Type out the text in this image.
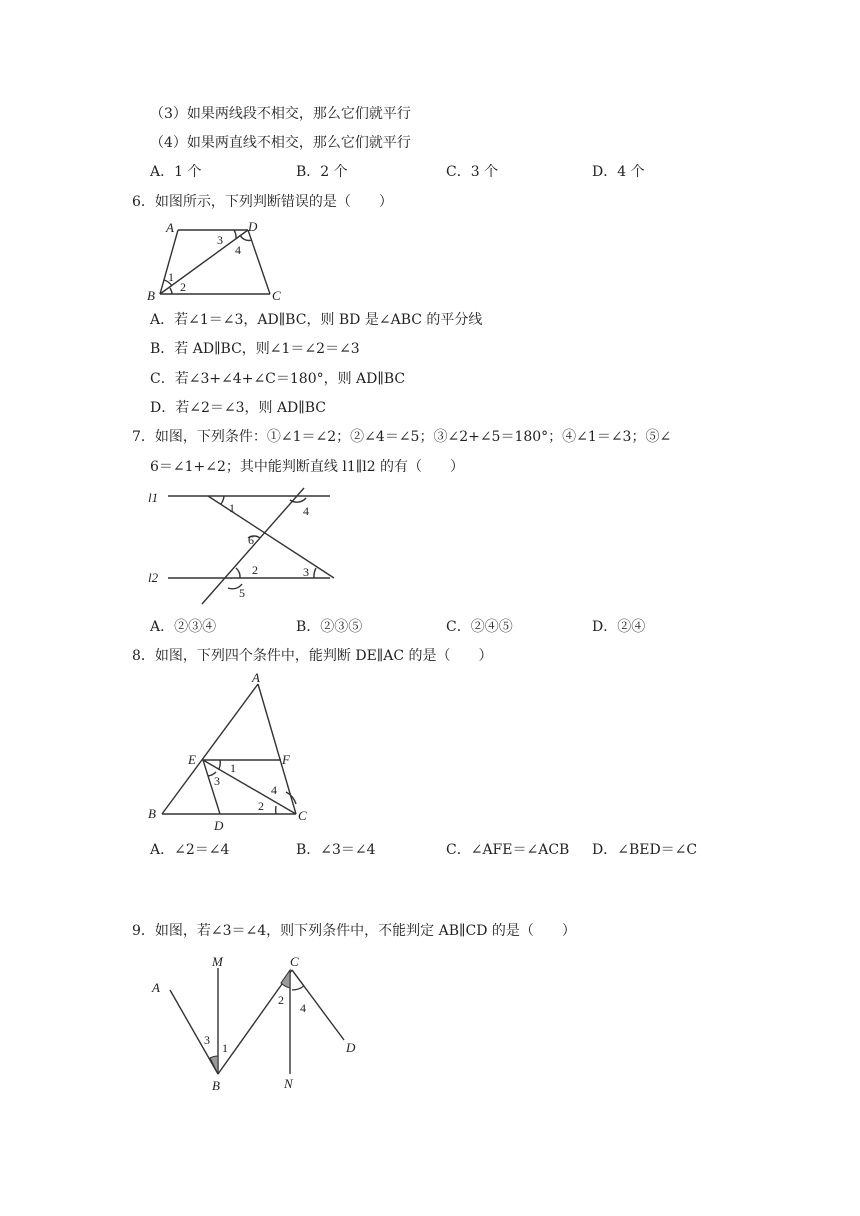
（3）如果两线段不相交，那么它们就平行
（4）如果两直线不相交，那么它们就平行
A．1 个	B．2 个	C．3 个	D．4 个
6．如图所示，下列判断错误的是（　　）
A	D
B	C
1
2
3
4
A．若∠1＝∠3，AD∥BC，则 BD 是∠ABC 的平分线
B．若 AD∥BC，则∠1＝∠2＝∠3
C．若∠3+∠4+∠C＝180°，则 AD∥BC
D．若∠2＝∠3，则 AD∥BC
7．如图，下列条件：①∠1＝∠2；②∠4＝∠5；③∠2+∠5＝180°；④∠1＝∠3；⑤∠
6＝∠1+∠2；其中能判断直线 l1∥l2 的有（　　）
l1
l2
1	4
6
2	3
5
A．②③④	B．②③⑤	C．②④⑤	D．②④
8．如图，下列四个条件中，能判断 DE∥AC 的是（　　）
A
E	F
B
D
C
1
3
4
2
A．∠2＝∠4	B．∠3＝∠4	C．∠AFE＝∠ACB D．∠BED＝∠C
9．如图，若∠3＝∠4，则下列条件中，不能判定 AB∥CD 的是（　　）
A
M	C
B	N
D
3
1
2
4
